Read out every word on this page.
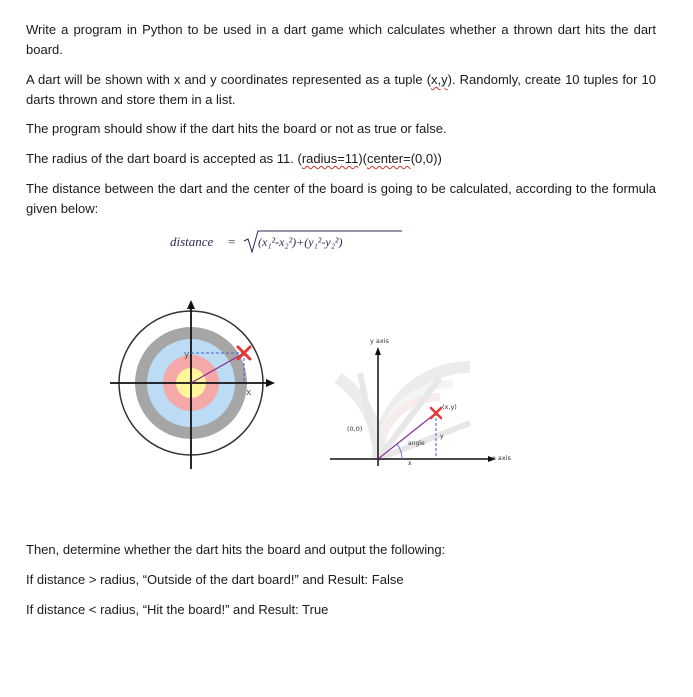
Write a program in Python to be used in a dart game which calculates whether a thrown dart hits the dart board.

A dart will be shown with x and y coordinates represented as a tuple (x,y). Randomly, create 10 tuples for 10 darts thrown and store them in a list.

The program should show if the dart hits the board or not as true or false.

The radius of the dart board is accepted as 11. (radius=11)(center=(0,0))

The distance between the dart and the center of the board is going to be calculated, according to the formula given below:

distance = (x₁²-x₂²)+(y₁²-y₂²)
y
x
y axis
x axis
(0,0)
angle
x
y
(x,y)

Then, determine whether the dart hits the board and output the following:

If distance > radius, “Outside of the dart board!” and Result: False

If distance < radius, “Hit the board!” and Result: True
